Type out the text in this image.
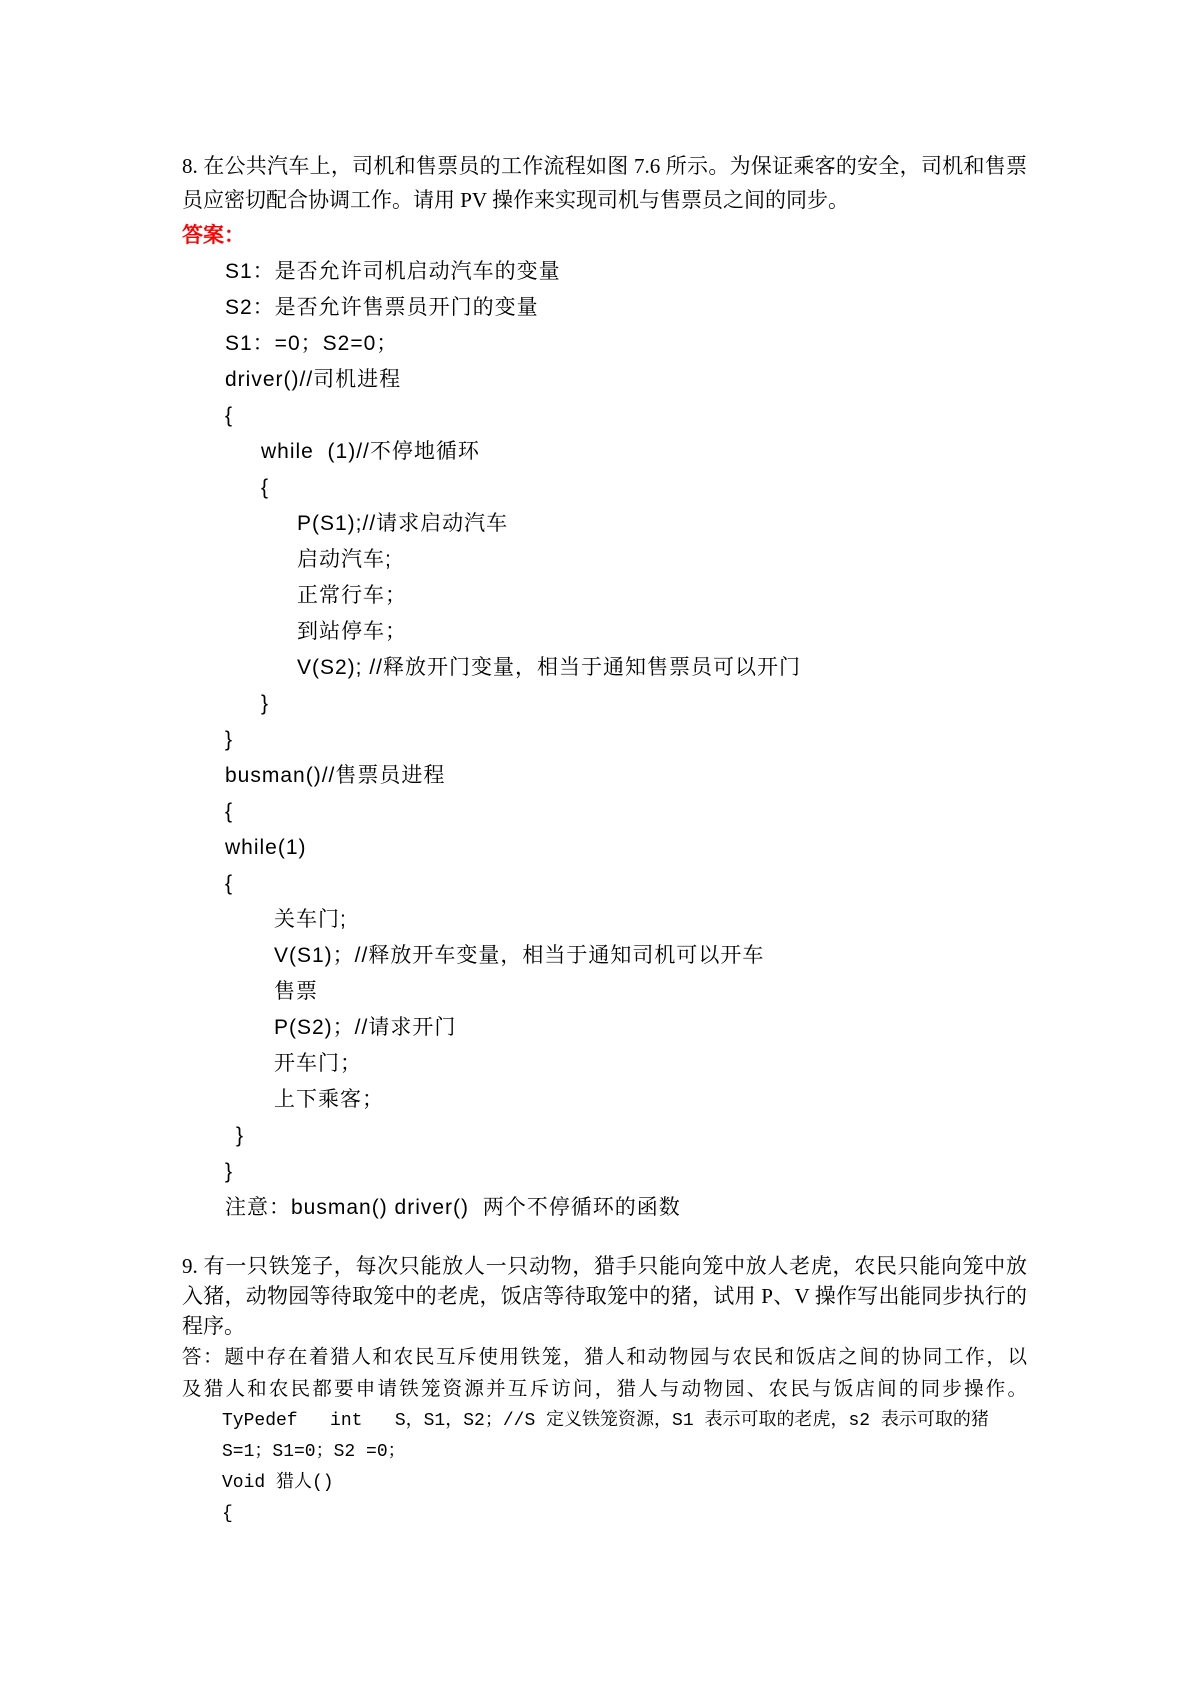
8. 在公共汽车上，司机和售票员的工作流程如图 7.6 所示。为保证乘客的安全，司机和售票
员应密切配合协调工作。请用 PV 操作来实现司机与售票员之间的同步。
答案：
S1：是否允许司机启动汽车的变量
S2：是否允许售票员开门的变量
S1：=0；S2=0；
driver()//司机进程
{
while  (1)//不停地循环
{
P(S1);//请求启动汽车
启动汽车;
正常行车；
到站停车；
V(S2); //释放开门变量，相当于通知售票员可以开门
}
}
busman()//售票员进程
{
while(1)
{
关车门;
V(S1)；//释放开车变量，相当于通知司机可以开车
售票
P(S2)；//请求开门
开车门；
上下乘客；
}
}
注意：busman() driver()  两个不停循环的函数
9. 有一只铁笼子，每次只能放人一只动物，猎手只能向笼中放人老虎，农民只能向笼中放
入猪，动物园等待取笼中的老虎，饭店等待取笼中的猪，试用 P、V 操作写出能同步执行的
程序。
答：题中存在着猎人和农民互斥使用铁笼，猎人和动物园与农民和饭店之间的协同工作，以
及猎人和农民都要申请铁笼资源并互斥访问，猎人与动物园、农民与饭店间的同步操作。
TyPedef   int   S，S1，S2；//S 定义铁笼资源，S1 表示可取的老虎，s2 表示可取的猪
S=1；S1=0；S2 =0；
Void 猎人()
{
